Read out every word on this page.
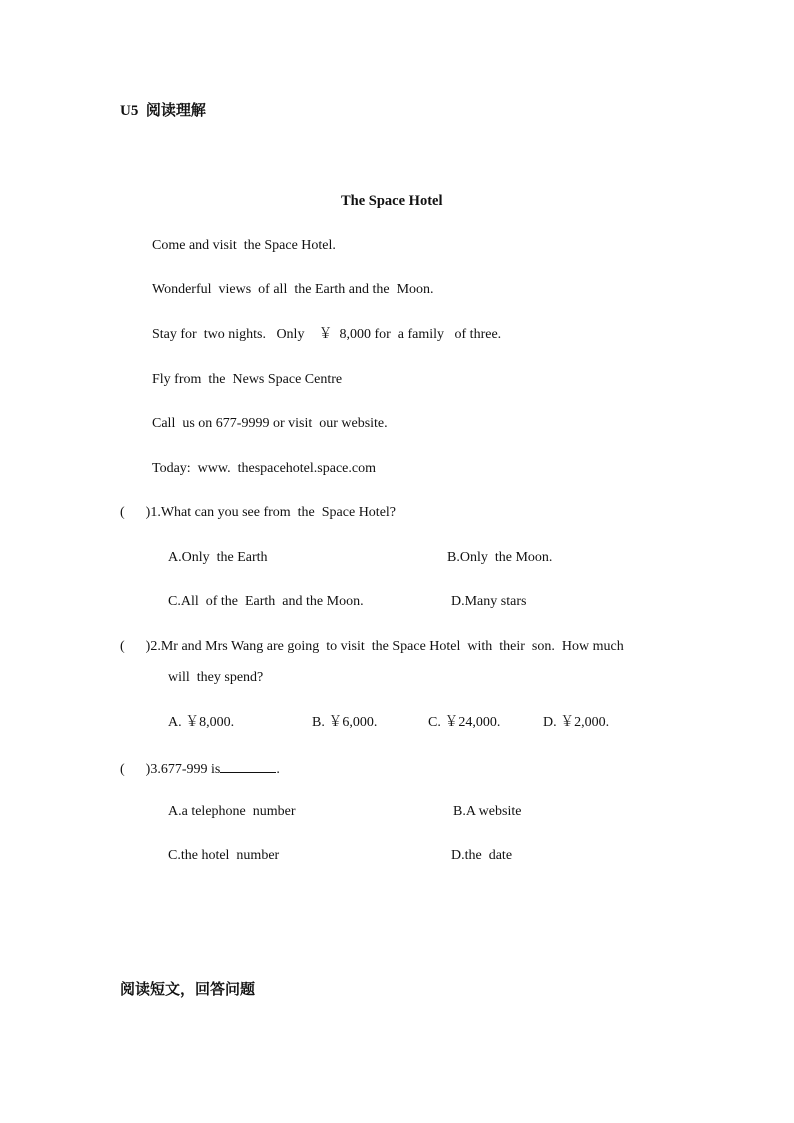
U5  阅读理解
The Space Hotel
Come and visit  the Space Hotel.
Wonderful  views  of all  the Earth and the  Moon.
Stay for  two nights.   Only    ￥  8,000 for  a family   of three.
Fly from  the  News Space Centre
Call  us on 677-9999 or visit  our website.
Today:  www.  thespacehotel.space.com
(      )1.What can you see from  the  Space Hotel?
A.Only  the Earth	B.Only  the Moon.
C.All  of the  Earth  and the Moon.	D.Many stars
(      )2.Mr and Mrs Wang are going  to visit  the Space Hotel  with  their  son.  How much
will  they spend?
A. ￥8,000.	B. ￥6,000.	C. ￥24,000.	D. ￥2,000.
(      )3.677-999 is	.
A.a telephone  number	B.A website
C.the hotel  number	D.the  date
阅读短文，回答问题
